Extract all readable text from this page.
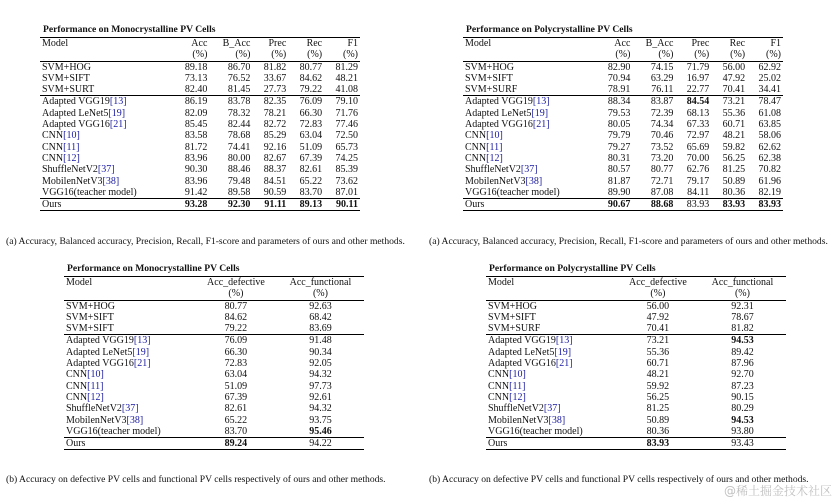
Performance on Monocrystalline PV Cells
Model	Acc	B_Acc	Prec	Rec	F1
	(%)	(%)	(%)	(%)	(%)
SVM+HOG	89.18	86.70	81.82	80.77	81.29
SVM+SIFT	73.13	76.52	33.67	84.62	48.21
SVM+SURT	82.40	81.45	27.73	79.22	41.08
Adapted VGG19[13]	86.19	83.78	82.35	76.09	79.10
Adapted LeNet5[19]	82.09	78.32	78.21	66.30	71.76
Adapted VGG16[21]	85.45	82.44	82.72	72.83	77.46
CNN[10]	83.58	78.68	85.29	63.04	72.50
CNN[11]	81.72	74.41	92.16	51.09	65.73
CNN[12]	83.96	80.00	82.67	67.39	74.25
ShuffleNetV2[37]	90.30	88.46	88.37	82.61	85.39
MobilenNetV3[38]	83.96	79.48	84.51	65.22	73.62
VGG16(teacher model)	91.42	89.58	90.59	83.70	87.01
Ours	93.28	92.30	91.11	89.13	90.11
(a) Accuracy, Balanced accuracy, Precision, Recall, F1-score and parameters of ours and other methods.
Performance on Polycrystalline PV Cells
Model	Acc	B_Acc	Prec	Rec	F1
	(%)	(%)	(%)	(%)	(%)
SVM+HOG	82.90	74.15	71.79	56.00	62.92
SVM+SIFT	70.94	63.29	16.97	47.92	25.02
SVM+SURF	78.91	76.11	22.77	70.41	34.41
Adapted VGG19[13]	88.34	83.87	84.54	73.21	78.47
Adapted LeNet5[19]	79.53	72.39	68.13	55.36	61.08
Adapted VGG16[21]	80.05	74.34	67.33	60.71	63.85
CNN[10]	79.79	70.46	72.97	48.21	58.06
CNN[11]	79.27	73.52	65.69	59.82	62.62
CNN[12]	80.31	73.20	70.00	56.25	62.38
ShuffleNetV2[37]	80.57	80.77	62.76	81.25	70.82
MobilenNetV3[38]	81.87	72.71	79.17	50.89	61.96
VGG16(teacher model)	89.90	87.08	84.11	80.36	82.19
Ours	90.67	88.68	83.93	83.93	83.93
(a) Accuracy, Balanced accuracy, Precision, Recall, F1-score and parameters of ours and other methods.
Performance on Monocrystalline PV Cells
Model	Acc_defective	Acc_functional
	(%)	(%)
SVM+HOG	80.77	92.63
SVM+SIFT	84.62	68.42
SVM+SIFT	79.22	83.69
Adapted VGG19[13]	76.09	91.48
Adapted LeNet5[19]	66.30	90.34
Adapted VGG16[21]	72.83	92.05
CNN[10]	63.04	94.32
CNN[11]	51.09	97.73
CNN[12]	67.39	92.61
ShuffleNetV2[37]	82.61	94.32
MobilenNetV3[38]	65.22	93.75
VGG16(teacher model)	83.70	95.46
Ours	89.24	94.22
(b) Accuracy on defective PV cells and functional PV cells respectively of ours and other methods.
Performance on Polycrystalline PV Cells
Model	Acc_defective	Acc_functional
	(%)	(%)
SVM+HOG	56.00	92.31
SVM+SIFT	47.92	78.67
SVM+SURF	70.41	81.82
Adapted VGG19[13]	73.21	94.53
Adapted LeNet5[19]	55.36	89.42
Adapted VGG16[21]	60.71	87.96
CNN[10]	48.21	92.70
CNN[11]	59.92	87.23
CNN[12]	56.25	90.15
ShuffleNetV2[37]	81.25	80.29
MobilenNetV3[38]	50.89	94.53
VGG16(teacher model)	80.36	93.80
Ours	83.93	93.43
(b) Accuracy on defective PV cells and functional PV cells respectively of ours and other methods.
@稀土掘金技术社区
